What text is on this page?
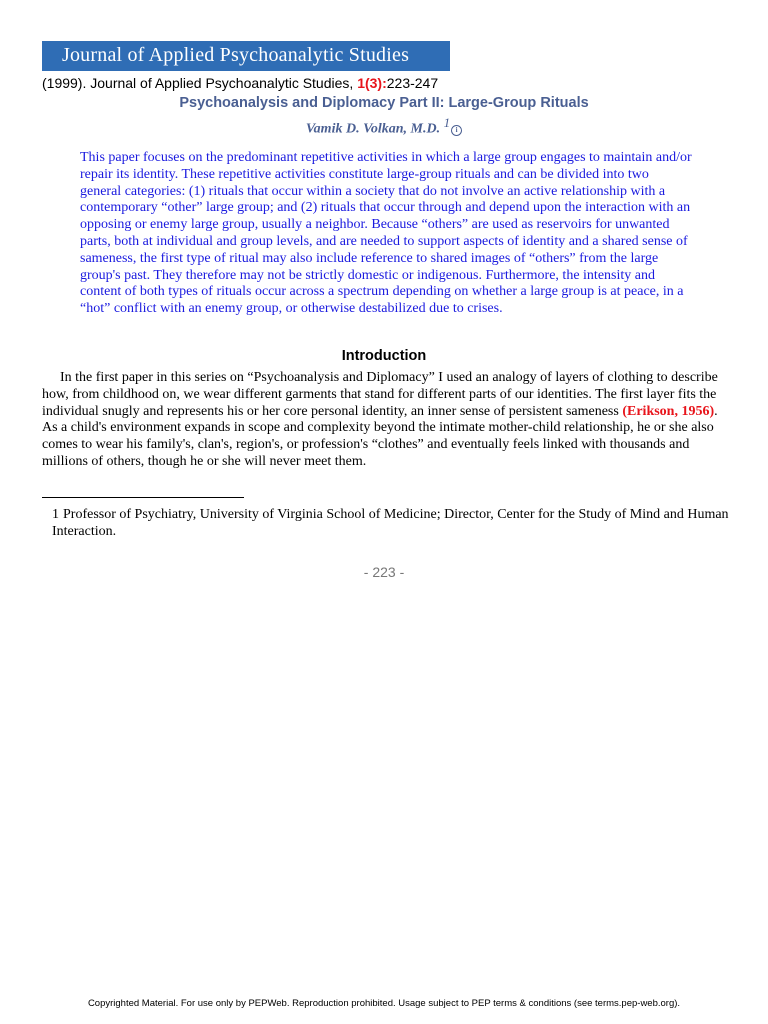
Journal of Applied Psychoanalytic Studies
(1999). Journal of Applied Psychoanalytic Studies, 1(3):223-247
Psychoanalysis and Diplomacy Part II: Large-Group Rituals
Vamik D. Volkan, M.D. $^1$ i

This paper focuses on the predominant repetitive activities in which a large group engages to maintain and/or repair its identity. These repetitive activities constitute large-group rituals and can be divided into two general categories: (1) rituals that occur within a society that do not involve an active relationship with a contemporary “other” large group; and (2) rituals that occur through and depend upon the interaction with an opposing or enemy large group, usually a neighbor. Because “others” are used as reservoirs for unwanted parts, both at individual and group levels, and are needed to support aspects of identity and a shared sense of sameness, the first type of ritual may also include reference to shared images of “others” from the large group's past. They therefore may not be strictly domestic or indigenous. Furthermore, the intensity and content of both types of rituals occur across a spectrum depending on whether a large group is at peace, in a “hot” conflict with an enemy group, or otherwise destabilized due to crises.

Introduction

In the first paper in this series on “Psychoanalysis and Diplomacy” I used an analogy of layers of clothing to describe how, from childhood on, we wear different garments that stand for different parts of our identities. The first layer fits the individual snugly and represents his or her core personal identity, an inner sense of persistent sameness (Erikson, 1956). As a child's environment expands in scope and complexity beyond the intimate mother-child relationship, he or she also comes to wear his family's, clan's, region's, or profession's “clothes” and eventually feels linked with thousands and millions of others, though he or she will never meet them.

1 Professor of Psychiatry, University of Virginia School of Medicine; Director, Center for the Study of Mind and Human Interaction.
- 223 -
Copyrighted Material. For use only by PEPWeb. Reproduction prohibited. Usage subject to PEP terms & conditions (see terms.pep-web.org).
